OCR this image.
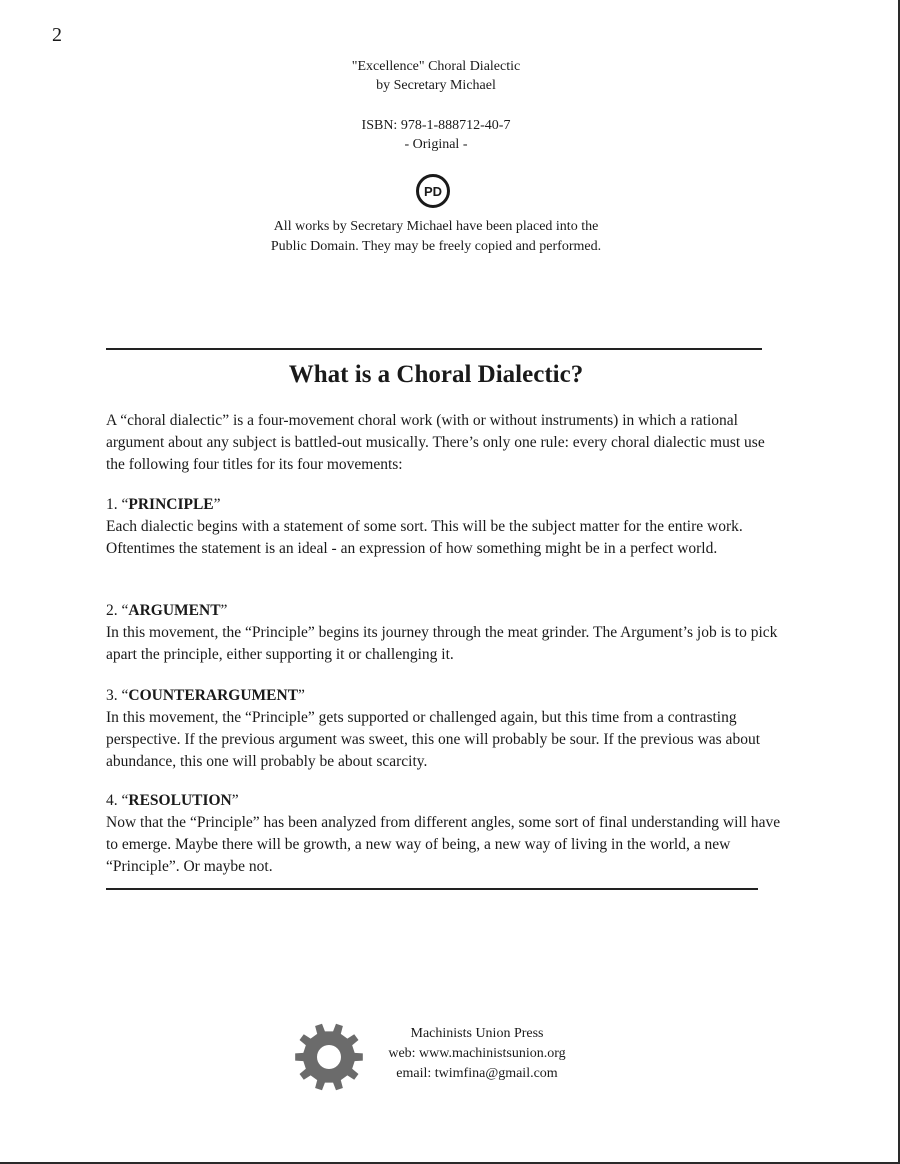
2
"Excellence" Choral Dialectic
by Secretary Michael
ISBN: 978-1-888712-40-7
- Original -
PD
All works by Secretary Michael have been placed into the
Public Domain. They may be freely copied and performed.
What is a Choral Dialectic?

A “choral dialectic” is a four-movement choral work (with or without instruments) in which a rational argument about any subject is battled-out musically. There’s only one rule: every choral dialectic must use the following four titles for its four movements:

1. “PRINCIPLE”

Each dialectic begins with a statement of some sort. This will be the subject matter for the entire work. Oftentimes the statement is an ideal - an expression of how something might be in a perfect world.

2. “ARGUMENT”

In this movement, the “Principle” begins its journey through the meat grinder. The Argument’s job is to pick apart the principle, either supporting it or challenging it.

3. “COUNTERARGUMENT”

In this movement, the “Principle” gets supported or challenged again, but this time from a contrasting perspective. If the previous argument was sweet, this one will probably be sour. If the previous was about abundance, this one will probably be about scarcity.

4. “RESOLUTION”

Now that the “Principle” has been analyzed from different angles, some sort of final understanding will have to emerge. Maybe there will be growth, a new way of being, a new way of living in the world, a new “Principle”. Or maybe not.

Machinists Union Press
web: www.machinistsunion.org
email: twimfina@gmail.com
